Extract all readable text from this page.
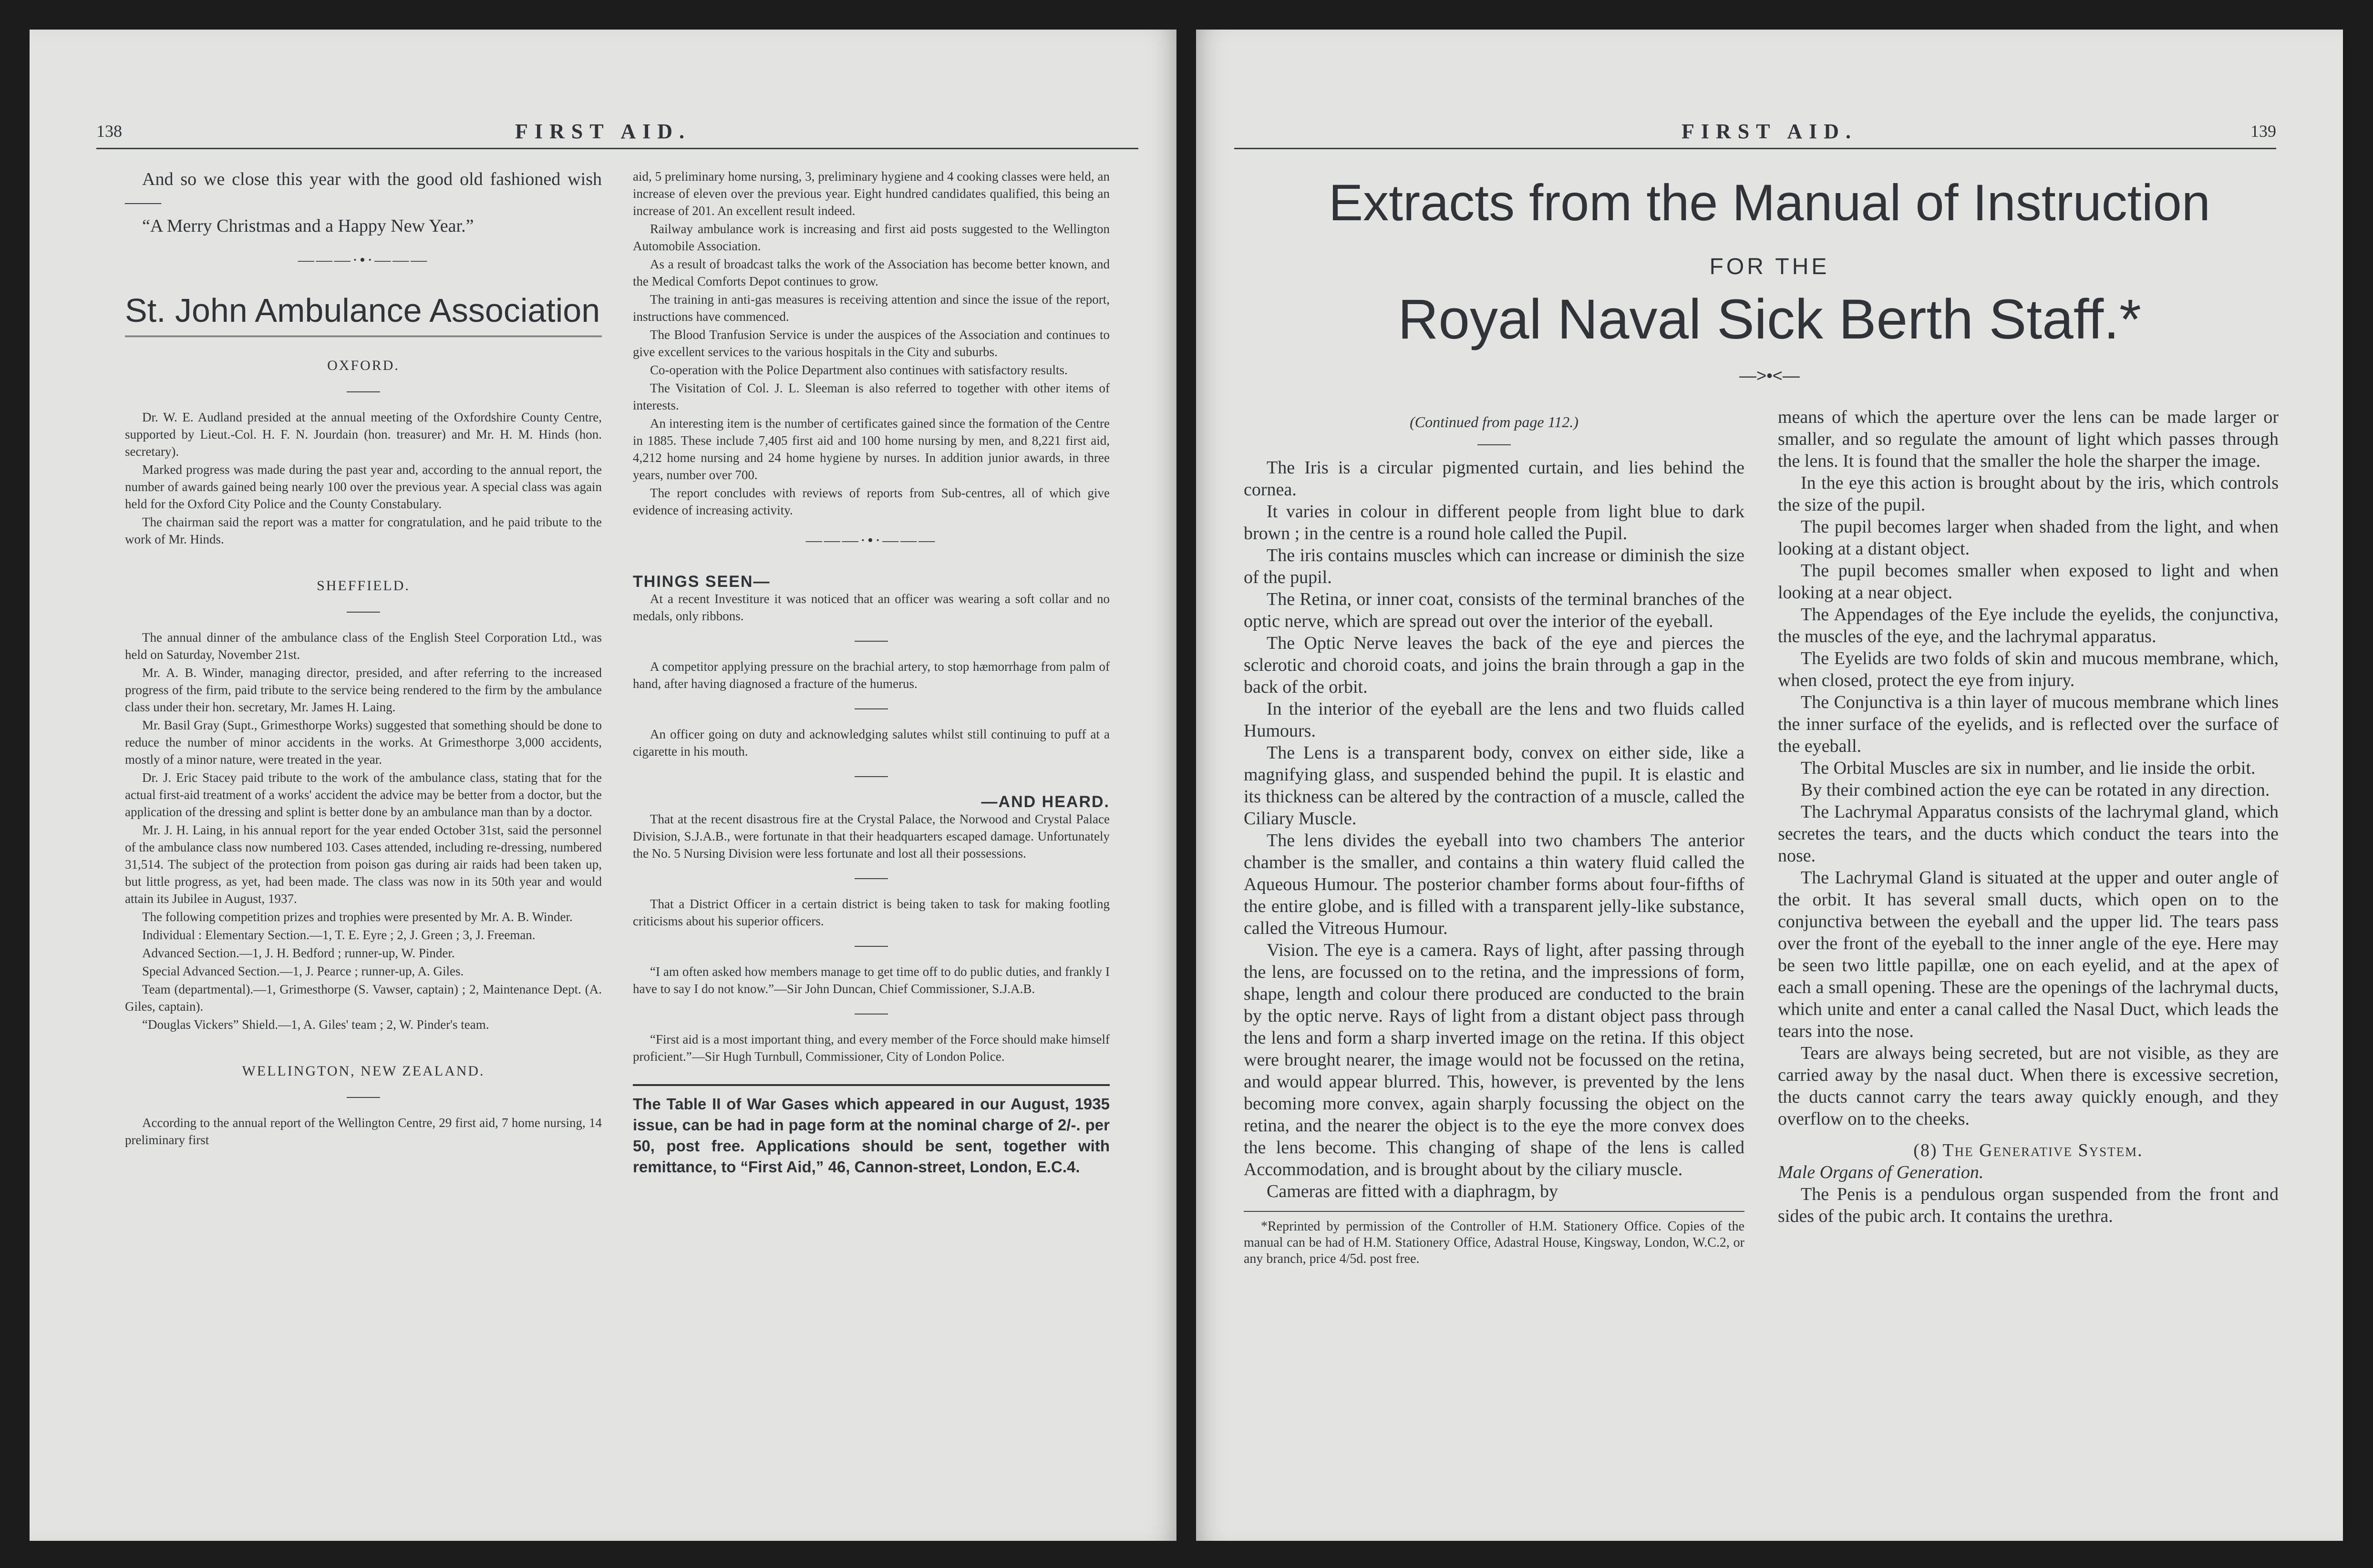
138	FIRST AID.

And so we close this year with the good old fashioned wish——

“A Merry Christmas and a Happy New Year.”

———·•·———
St. John Ambulance Association
OXFORD.

Dr. W. E. Audland presided at the annual meeting of the Oxfordshire County Centre, supported by Lieut.-Col. H. F. N. Jourdain (hon. treasurer) and Mr. H. M. Hinds (hon. secretary).

Marked progress was made during the past year and, according to the annual report, the number of awards gained being nearly 100 over the previous year. A special class was again held for the Oxford City Police and the County Constabulary.

The chairman said the report was a matter for congratulation, and he paid tribute to the work of Mr. Hinds.

SHEFFIELD.

The annual dinner of the ambulance class of the English Steel Corporation Ltd., was held on Saturday, November 21st.

Mr. A. B. Winder, managing director, presided, and after referring to the increased progress of the firm, paid tribute to the service being rendered to the firm by the ambulance class under their hon. secretary, Mr. James H. Laing.

Mr. Basil Gray (Supt., Grimesthorpe Works) suggested that something should be done to reduce the number of minor accidents in the works. At Grimesthorpe 3,000 accidents, mostly of a minor nature, were treated in the year.

Dr. J. Eric Stacey paid tribute to the work of the ambulance class, stating that for the actual first-aid treatment of a works' accident the advice may be better from a doctor, but the application of the dressing and splint is better done by an ambulance man than by a doctor.

Mr. J. H. Laing, in his annual report for the year ended October 31st, said the personnel of the ambulance class now numbered 103. Cases attended, including re-dressing, numbered 31,514. The subject of the protection from poison gas during air raids had been taken up, but little progress, as yet, had been made. The class was now in its 50th year and would attain its Jubilee in August, 1937.

The following competition prizes and trophies were presented by Mr. A. B. Winder.

Individual : Elementary Section.—1, T. E. Eyre ; 2, J. Green ; 3, J. Freeman.

Advanced Section.—1, J. H. Bedford ; runner-up, W. Pinder.

Special Advanced Section.—1, J. Pearce ; runner-up, A. Giles.

Team (departmental).—1, Grimesthorpe (S. Vawser, captain) ; 2, Maintenance Dept. (A. Giles, captain).

“Douglas Vickers” Shield.—1, A. Giles' team ; 2, W. Pinder's team.

WELLINGTON, NEW ZEALAND.

According to the annual report of the Wellington Centre, 29 first aid, 7 home nursing, 14 preliminary first

aid, 5 preliminary home nursing, 3, preliminary hygiene and 4 cooking classes were held, an increase of eleven over the previous year. Eight hundred candidates qualified, this being an increase of 201. An excellent result indeed.

Railway ambulance work is increasing and first aid posts suggested to the Wellington Automobile Association.

As a result of broadcast talks the work of the Association has become better known, and the Medical Comforts Depot continues to grow.

The training in anti-gas measures is receiving attention and since the issue of the report, instructions have commenced.

The Blood Tranfusion Service is under the auspices of the Association and continues to give excellent services to the various hospitals in the City and suburbs.

Co-operation with the Police Department also continues with satisfactory results.

The Visitation of Col. J. L. Sleeman is also referred to together with other items of interests.

An interesting item is the number of certificates gained since the formation of the Centre in 1885. These include 7,405 first aid and 100 home nursing by men, and 8,221 first aid, 4,212 home nursing and 24 home hygiene by nurses. In addition junior awards, in three years, number over 700.

The report concludes with reviews of reports from Sub-centres, all of which give evidence of increasing activity.

———·•·———
THINGS SEEN—

At a recent Investiture it was noticed that an officer was wearing a soft collar and no medals, only ribbons.

A competitor applying pressure on the brachial artery, to stop hæmorrhage from palm of hand, after having diagnosed a fracture of the humerus.

An officer going on duty and acknowledging salutes whilst still continuing to puff at a cigarette in his mouth.

—AND HEARD.

That at the recent disastrous fire at the Crystal Palace, the Norwood and Crystal Palace Division, S.J.A.B., were fortunate in that their headquarters escaped damage. Unfortunately the No. 5 Nursing Division were less fortunate and lost all their possessions.

That a District Officer in a certain district is being taken to task for making footling criticisms about his superior officers.

“I am often asked how members manage to get time off to do public duties, and frankly I have to say I do not know.”—Sir John Duncan, Chief Commissioner, S.J.A.B.

“First aid is a most important thing, and every member of the Force should make himself proficient.”—Sir Hugh Turnbull, Commissioner, City of London Police.

The Table II of War Gases which appeared in our August, 1935 issue, can be had in page form at the nominal charge of 2/-. per 50, post free. Applications should be sent, together with remittance, to “First Aid,” 46, Cannon-street, London, E.C.4.
FIRST AID.	139
Extracts from the Manual of Instruction
FOR THE
Royal Naval Sick Berth Staff.*
—>•<—

(Continued from page 112.)

The Iris is a circular pigmented curtain, and lies behind the cornea.

It varies in colour in different people from light blue to dark brown ; in the centre is a round hole called the Pupil.

The iris contains muscles which can increase or diminish the size of the pupil.

The Retina, or inner coat, consists of the terminal branches of the optic nerve, which are spread out over the interior of the eyeball.

The Optic Nerve leaves the back of the eye and pierces the sclerotic and choroid coats, and joins the brain through a gap in the back of the orbit.

In the interior of the eyeball are the lens and two fluids called Humours.

The Lens is a transparent body, convex on either side, like a magnifying glass, and suspended behind the pupil. It is elastic and its thickness can be altered by the contraction of a muscle, called the Ciliary Muscle.

The lens divides the eyeball into two chambers The anterior chamber is the smaller, and contains a thin watery fluid called the Aqueous Humour. The posterior chamber forms about four-fifths of the entire globe, and is filled with a transparent jelly-like substance, called the Vitreous Humour.

Vision. The eye is a camera. Rays of light, after passing through the lens, are focussed on to the retina, and the impressions of form, shape, length and colour there produced are conducted to the brain by the optic nerve. Rays of light from a distant object pass through the lens and form a sharp inverted image on the retina. If this object were brought nearer, the image would not be focussed on the retina, and would appear blurred. This, however, is prevented by the lens becoming more convex, again sharply focussing the object on the retina, and the nearer the object is to the eye the more convex does the lens become. This changing of shape of the lens is called Accommodation, and is brought about by the ciliary muscle.

Cameras are fitted with a diaphragm, by

*Reprinted by permission of the Controller of H.M. Stationery Office. Copies of the manual can be had of H.M. Stationery Office, Adastral House, Kingsway, London, W.C.2, or any branch, price 4/5d. post free.

means of which the aperture over the lens can be made larger or smaller, and so regulate the amount of light which passes through the lens. It is found that the smaller the hole the sharper the image.

In the eye this action is brought about by the iris, which controls the size of the pupil.

The pupil becomes larger when shaded from the light, and when looking at a distant object.

The pupil becomes smaller when exposed to light and when looking at a near object.

The Appendages of the Eye include the eyelids, the conjunctiva, the muscles of the eye, and the lachrymal apparatus.

The Eyelids are two folds of skin and mucous membrane, which, when closed, protect the eye from injury.

The Conjunctiva is a thin layer of mucous membrane which lines the inner surface of the eyelids, and is reflected over the surface of the eyeball.

The Orbital Muscles are six in number, and lie inside the orbit.

By their combined action the eye can be rotated in any direction.

The Lachrymal Apparatus consists of the lachrymal gland, which secretes the tears, and the ducts which conduct the tears into the nose.

The Lachrymal Gland is situated at the upper and outer angle of the orbit. It has several small ducts, which open on to the conjunctiva between the eyeball and the upper lid. The tears pass over the front of the eyeball to the inner angle of the eye. Here may be seen two little papillæ, one on each eyelid, and at the apex of each a small opening. These are the openings of the lachrymal ducts, which unite and enter a canal called the Nasal Duct, which leads the tears into the nose.

Tears are always being secreted, but are not visible, as they are carried away by the nasal duct. When there is excessive secretion, the ducts cannot carry the tears away quickly enough, and they overflow on to the cheeks.

(8) The Generative System.

Male Organs of Generation.

The Penis is a pendulous organ suspended from the front and sides of the pubic arch. It contains the urethra.
